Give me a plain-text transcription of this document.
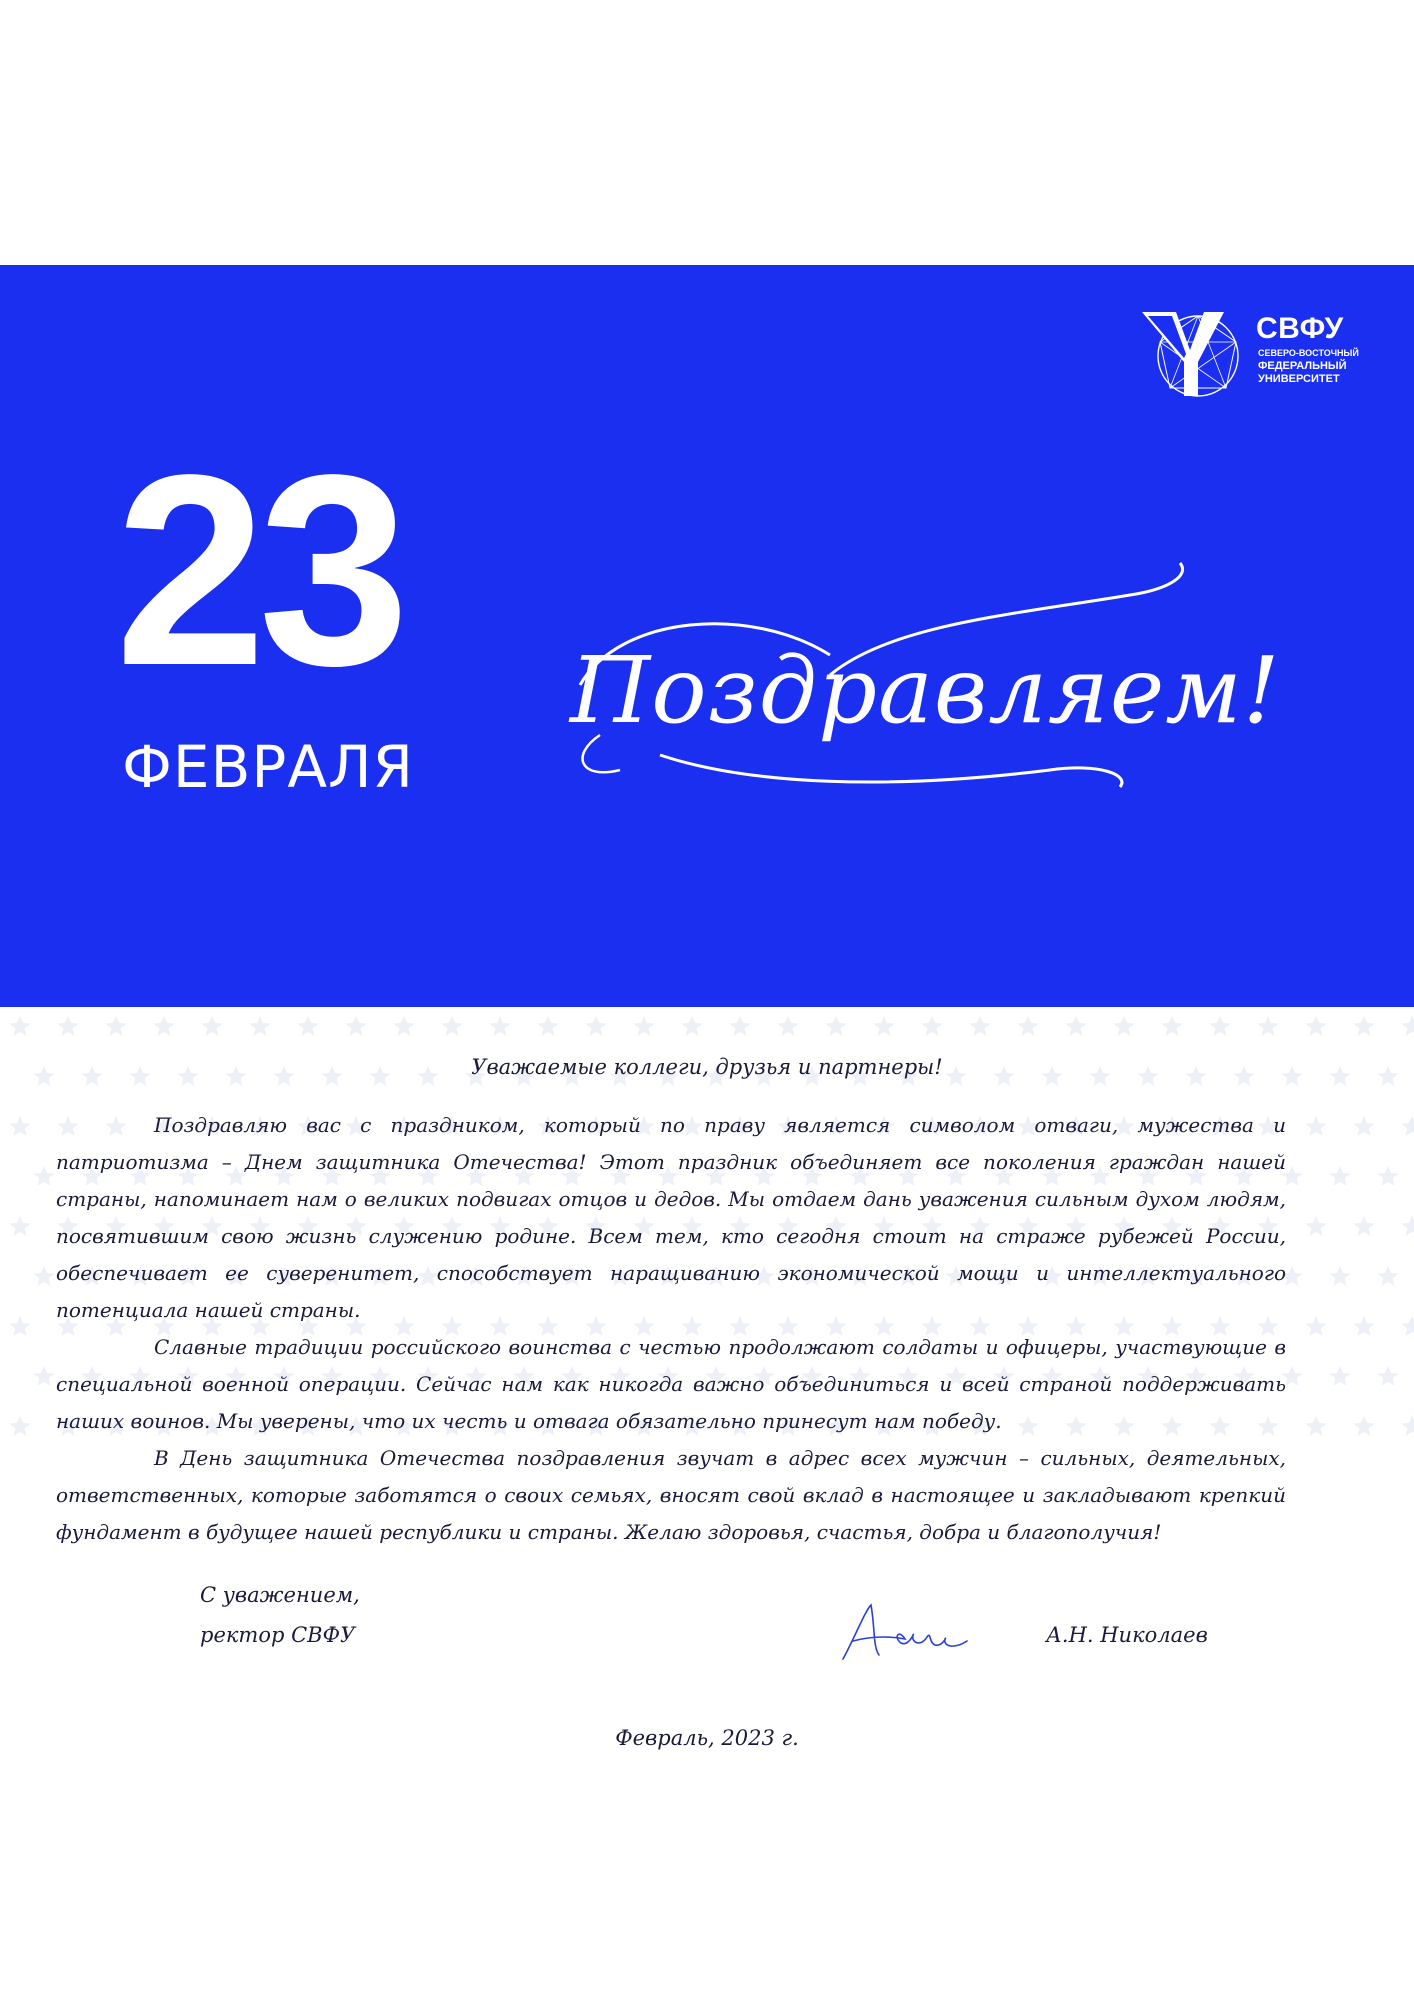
СВФУ
СЕВЕРО-ВОСТОЧНЫЙ
ФЕДЕРАЛЬНЫЙ
УНИВЕРСИТЕТ
23
ФЕВРАЛЯ
Поздравляем!
Уважаемые коллеги, друзья и партнеры!

Поздравляю вас с праздником, который по праву является символом отваги, мужества и патриотизма – Днем защитника Отечества! Этот праздник объединяет все поколения граждан нашей страны, напоминает нам о великих подвигах отцов и дедов. Мы отдаем дань уважения сильным духом людям, посвятившим свою жизнь служению родине. Всем тем, кто сегодня стоит на страже рубежей России, обеспечивает ее суверенитет, способствует наращиванию экономической мощи и интеллектуального потенциала нашей страны.

Славные традиции российского воинства с честью продолжают солдаты и офицеры, участвующие в специальной военной операции. Сейчас нам как никогда важно объединиться и всей страной поддерживать наших воинов. Мы уверены, что их честь и отвага обязательно принесут нам победу.

В День защитника Отечества поздравления звучат в адрес всех мужчин – сильных, деятельных, ответственных, которые заботятся о своих семьях, вносят свой вклад в настоящее и закладывают крепкий фундамент в будущее нашей республики и страны. Желаю здоровья, счастья, добра и благополучия!

С уважением,
ректор СВФУ	А.Н. Николаев
Февраль, 2023 г.
